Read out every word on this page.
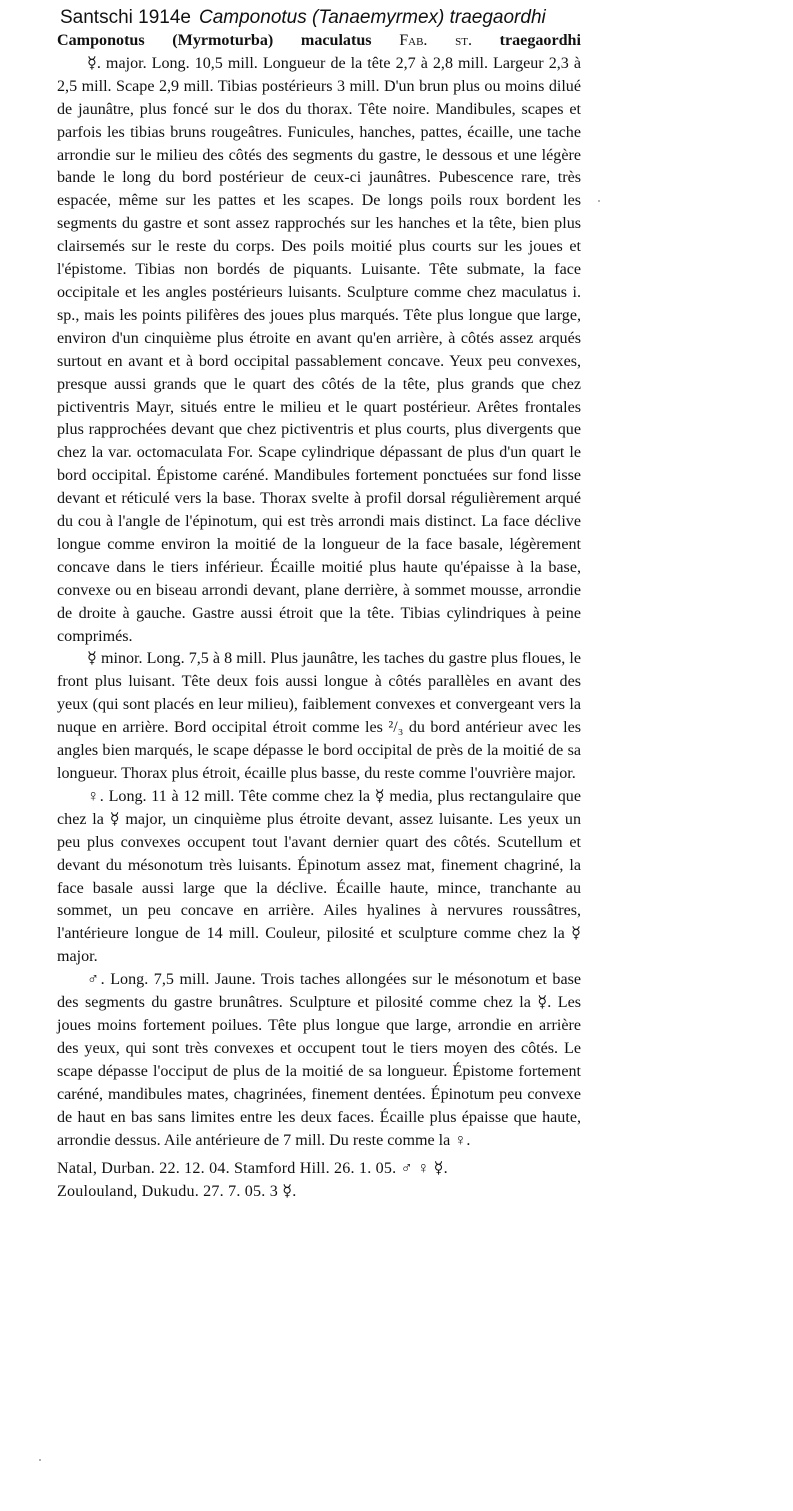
Santschi 1914e Camponotus (Tanaemyrmex) traegaordhi

Camponotus (Myrmoturba) maculatus Fab. st. traegaordhi

☿. major. Long. 10,5 mill. Longueur de la tête 2,7 à 2,8 mill. Largeur 2,3 à 2,5 mill. Scape 2,9 mill. Tibias postérieurs 3 mill. D'un brun plus ou moins dilué de jaunâtre, plus foncé sur le dos du thorax. Tête noire. Mandibules, scapes et parfois les tibias bruns rougeâtres. Funicules, hanches, pattes, écaille, une tache arrondie sur le milieu des côtés des segments du gastre, le dessous et une légère bande le long du bord postérieur de ceux-ci jaunâtres. Pubescence rare, très espacée, même sur les pattes et les scapes. De longs poils roux bordent les segments du gastre et sont assez rapprochés sur les hanches et la tête, bien plus clairsemés sur le reste du corps. Des poils moitié plus courts sur les joues et l'épistome. Tibias non bordés de piquants. Luisante. Tête submate, la face occipitale et les angles postérieurs luisants. Sculpture comme chez maculatus i. sp., mais les points pilifères des joues plus marqués. Tête plus longue que large, environ d'un cinquième plus étroite en avant qu'en arrière, à côtés assez arqués surtout en avant et à bord occipital passablement concave. Yeux peu convexes, presque aussi grands que le quart des côtés de la tête, plus grands que chez pictiventris Mayr, situés entre le milieu et le quart postérieur. Arêtes frontales plus rapprochées devant que chez pictiventris et plus courts, plus divergents que chez la var. octomaculata For. Scape cylindrique dépassant de plus d'un quart le bord occipital. Épistome caréné. Mandibules fortement ponctuées sur fond lisse devant et réticulé vers la base. Thorax svelte à profil dorsal régulièrement arqué du cou à l'angle de l'épinotum, qui est très arrondi mais distinct. La face déclive longue comme environ la moitié de la longueur de la face basale, légèrement concave dans le tiers inférieur. Écaille moitié plus haute qu'épaisse à la base, convexe ou en biseau arrondi devant, plane derrière, à sommet mousse, arrondie de droite à gauche. Gastre aussi étroit que la tête. Tibias cylindriques à peine comprimés.

☿ minor. Long. 7,5 à 8 mill. Plus jaunâtre, les taches du gastre plus floues, le front plus luisant. Tête deux fois aussi longue à côtés parallèles en avant des yeux (qui sont placés en leur milieu), faiblement convexes et convergeant vers la nuque en arrière. Bord occipital étroit comme les ²/₃ du bord antérieur avec les angles bien marqués, le scape dépasse le bord occipital de près de la moitié de sa longueur. Thorax plus étroit, écaille plus basse, du reste comme l'ouvrière major.

♀. Long. 11 à 12 mill. Tête comme chez la ☿ media, plus rectangulaire que chez la ☿ major, un cinquième plus étroite devant, assez luisante. Les yeux un peu plus convexes occupent tout l'avant dernier quart des côtés. Scutellum et devant du mésonotum très luisants. Épinotum assez mat, finement chagriné, la face basale aussi large que la déclive. Écaille haute, mince, tranchante au sommet, un peu concave en arrière. Ailes hyalines à nervures roussâtres, l'antérieure longue de 14 mill. Couleur, pilosité et sculpture comme chez la ☿ major.

♂. Long. 7,5 mill. Jaune. Trois taches allongées sur le mésonotum et base des segments du gastre brunâtres. Sculpture et pilosité comme chez la ☿. Les joues moins fortement poilues. Tête plus longue que large, arrondie en arrière des yeux, qui sont très convexes et occupent tout le tiers moyen des côtés. Le scape dépasse l'occiput de plus de la moitié de sa longueur. Épistome fortement caréné, mandibules mates, chagrinées, finement dentées. Épinotum peu convexe de haut en bas sans limites entre les deux faces. Écaille plus épaisse que haute, arrondie dessus. Aile antérieure de 7 mill. Du reste comme la ♀.

Natal, Durban. 22. 12. 04. Stamford Hill. 26. 1. 05. ♂ ♀ ☿.

Zoulouland, Dukudu. 27. 7. 05. 3 ☿.
